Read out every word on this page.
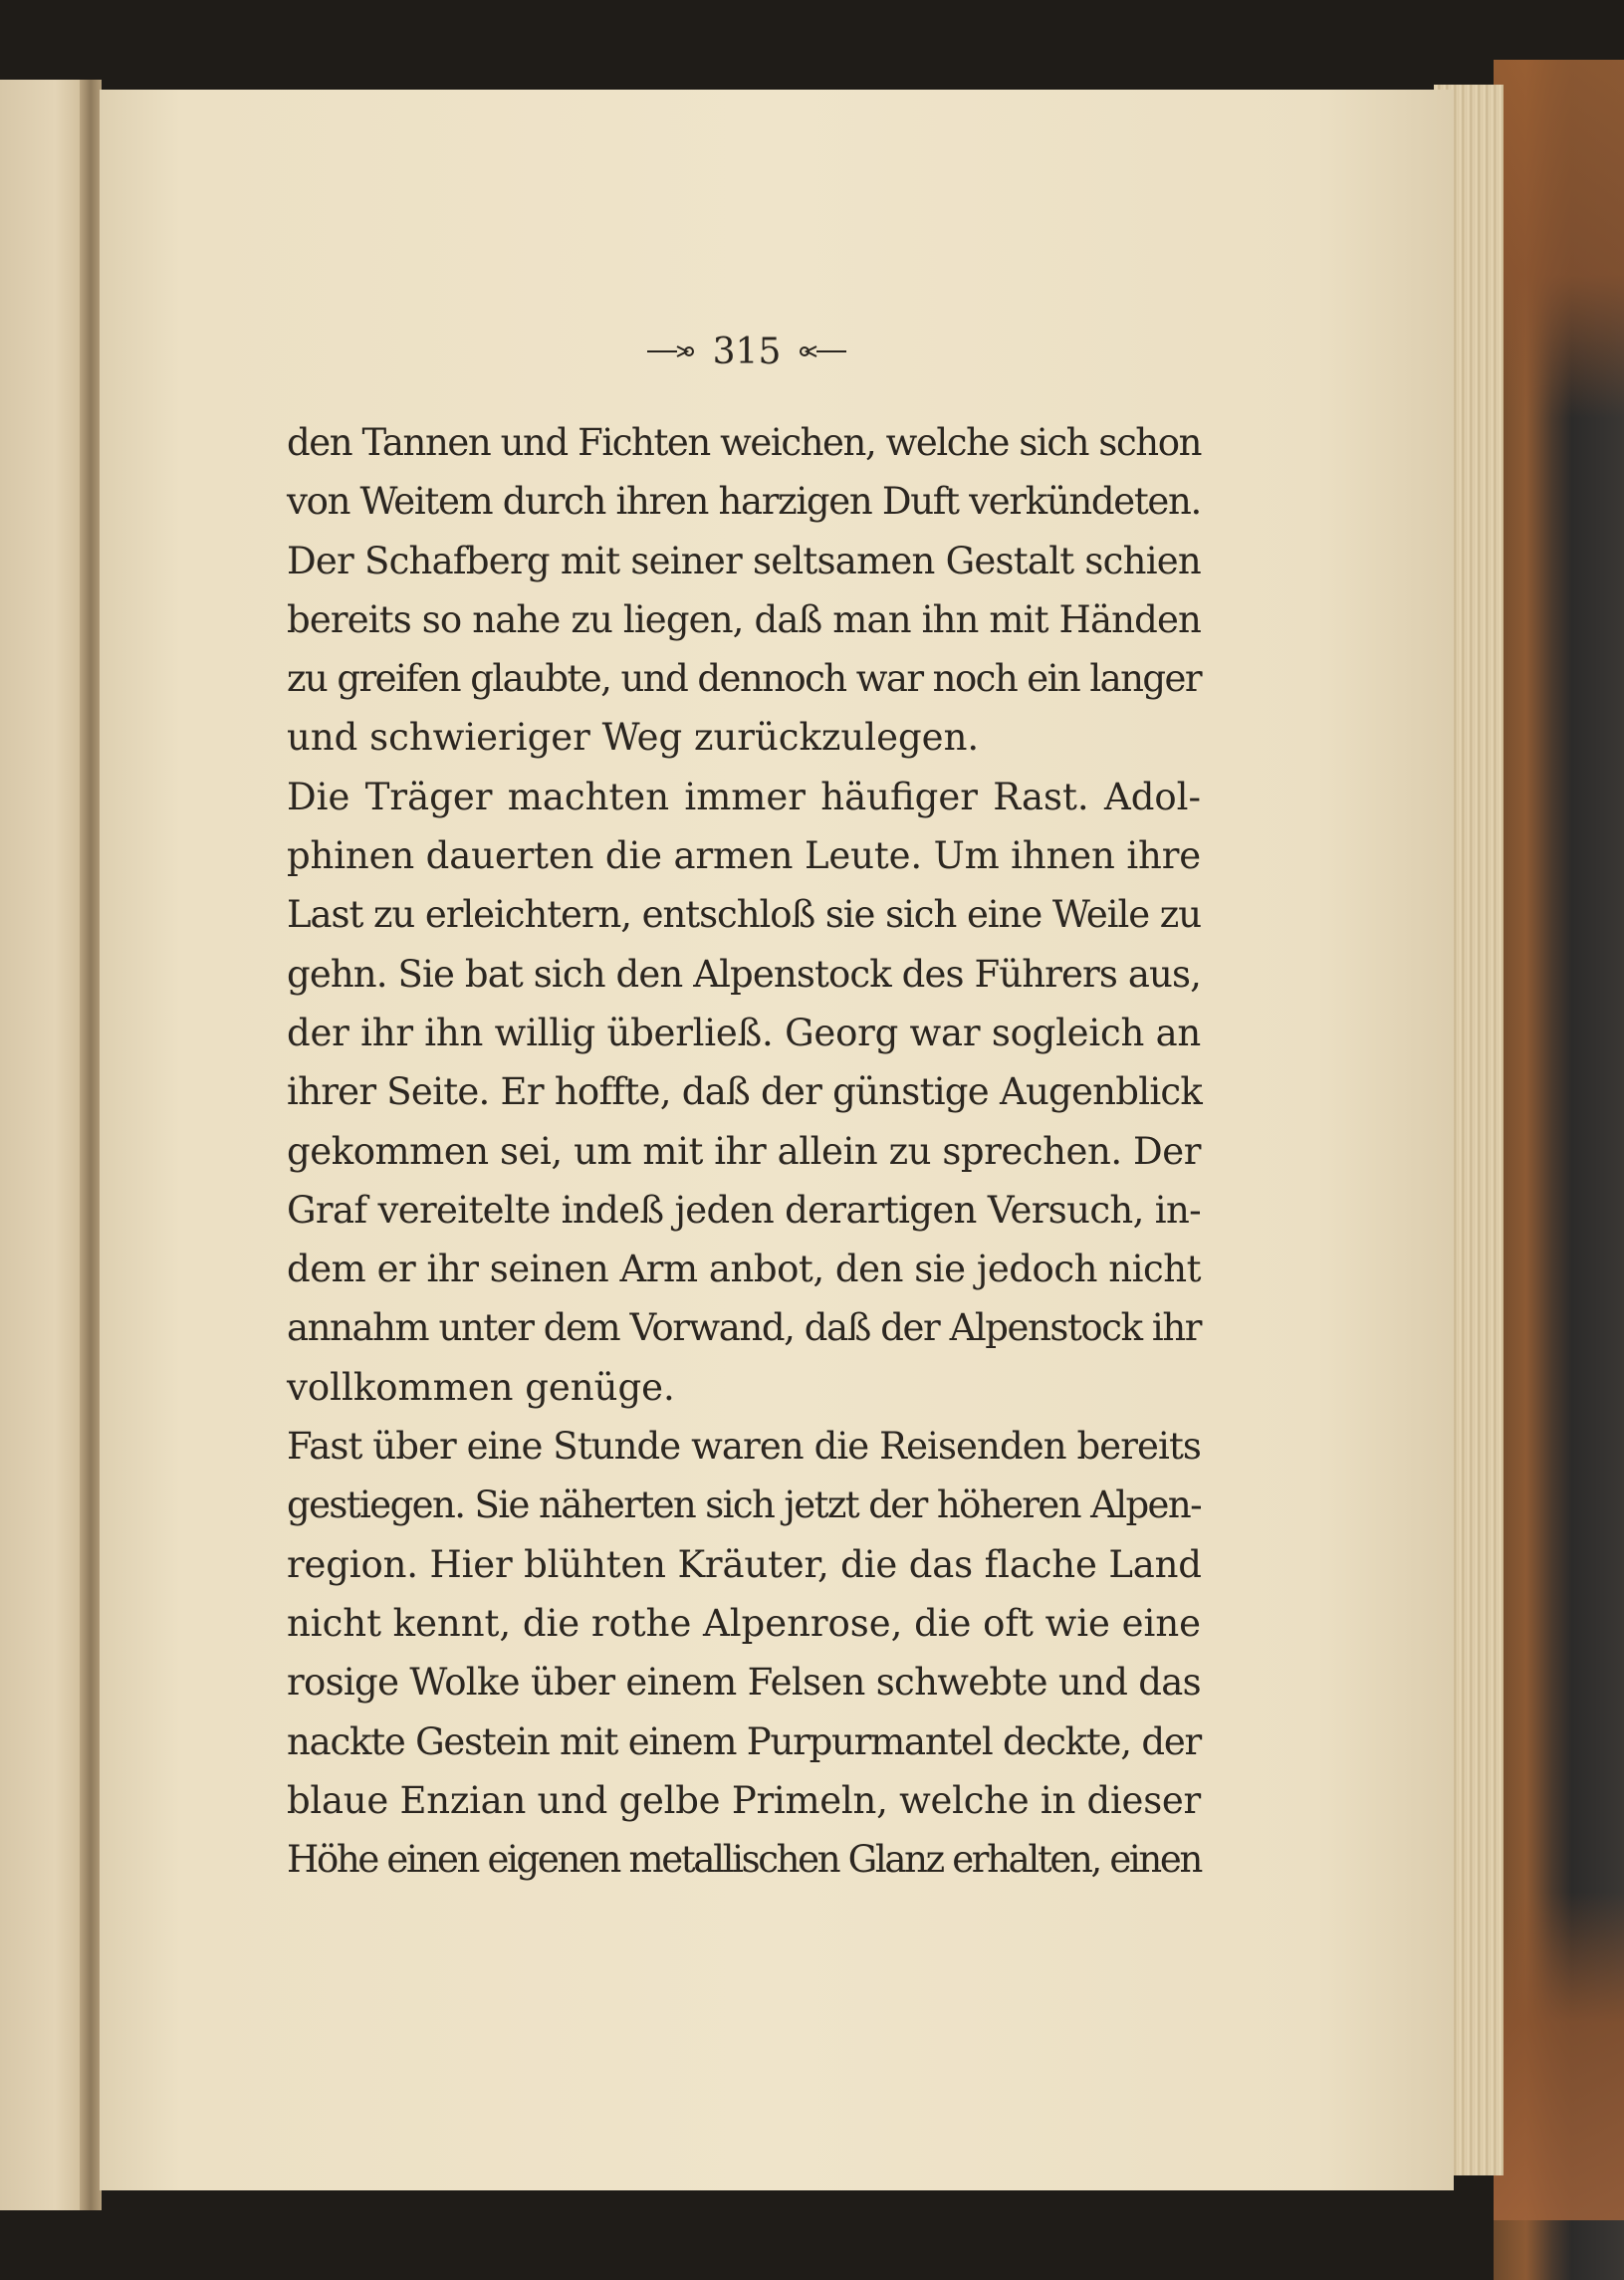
315
den Tannen und Fichten weichen, welche sich schon
von Weitem durch ihren harzigen Duft verkündeten.
Der Schafberg mit seiner seltsamen Gestalt schien
bereits so nahe zu liegen, daß man ihn mit Händen
zu greifen glaubte, und dennoch war noch ein langer
und schwieriger Weg zurückzulegen.
Die Träger machten immer häufiger Rast. Adol-
phinen dauerten die armen Leute. Um ihnen ihre
Last zu erleichtern, entschloß sie sich eine Weile zu
gehn. Sie bat sich den Alpenstock des Führers aus,
der ihr ihn willig überließ. Georg war sogleich an
ihrer Seite. Er hoffte, daß der günstige Augenblick
gekommen sei, um mit ihr allein zu sprechen. Der
Graf vereitelte indeß jeden derartigen Versuch, in-
dem er ihr seinen Arm anbot, den sie jedoch nicht
annahm unter dem Vorwand, daß der Alpenstock ihr
vollkommen genüge.
Fast über eine Stunde waren die Reisenden bereits
gestiegen. Sie näherten sich jetzt der höheren Alpen-
region. Hier blühten Kräuter, die das flache Land
nicht kennt, die rothe Alpenrose, die oft wie eine
rosige Wolke über einem Felsen schwebte und das
nackte Gestein mit einem Purpurmantel deckte, der
blaue Enzian und gelbe Primeln, welche in dieser
Höhe einen eigenen metallischen Glanz erhalten, einen
